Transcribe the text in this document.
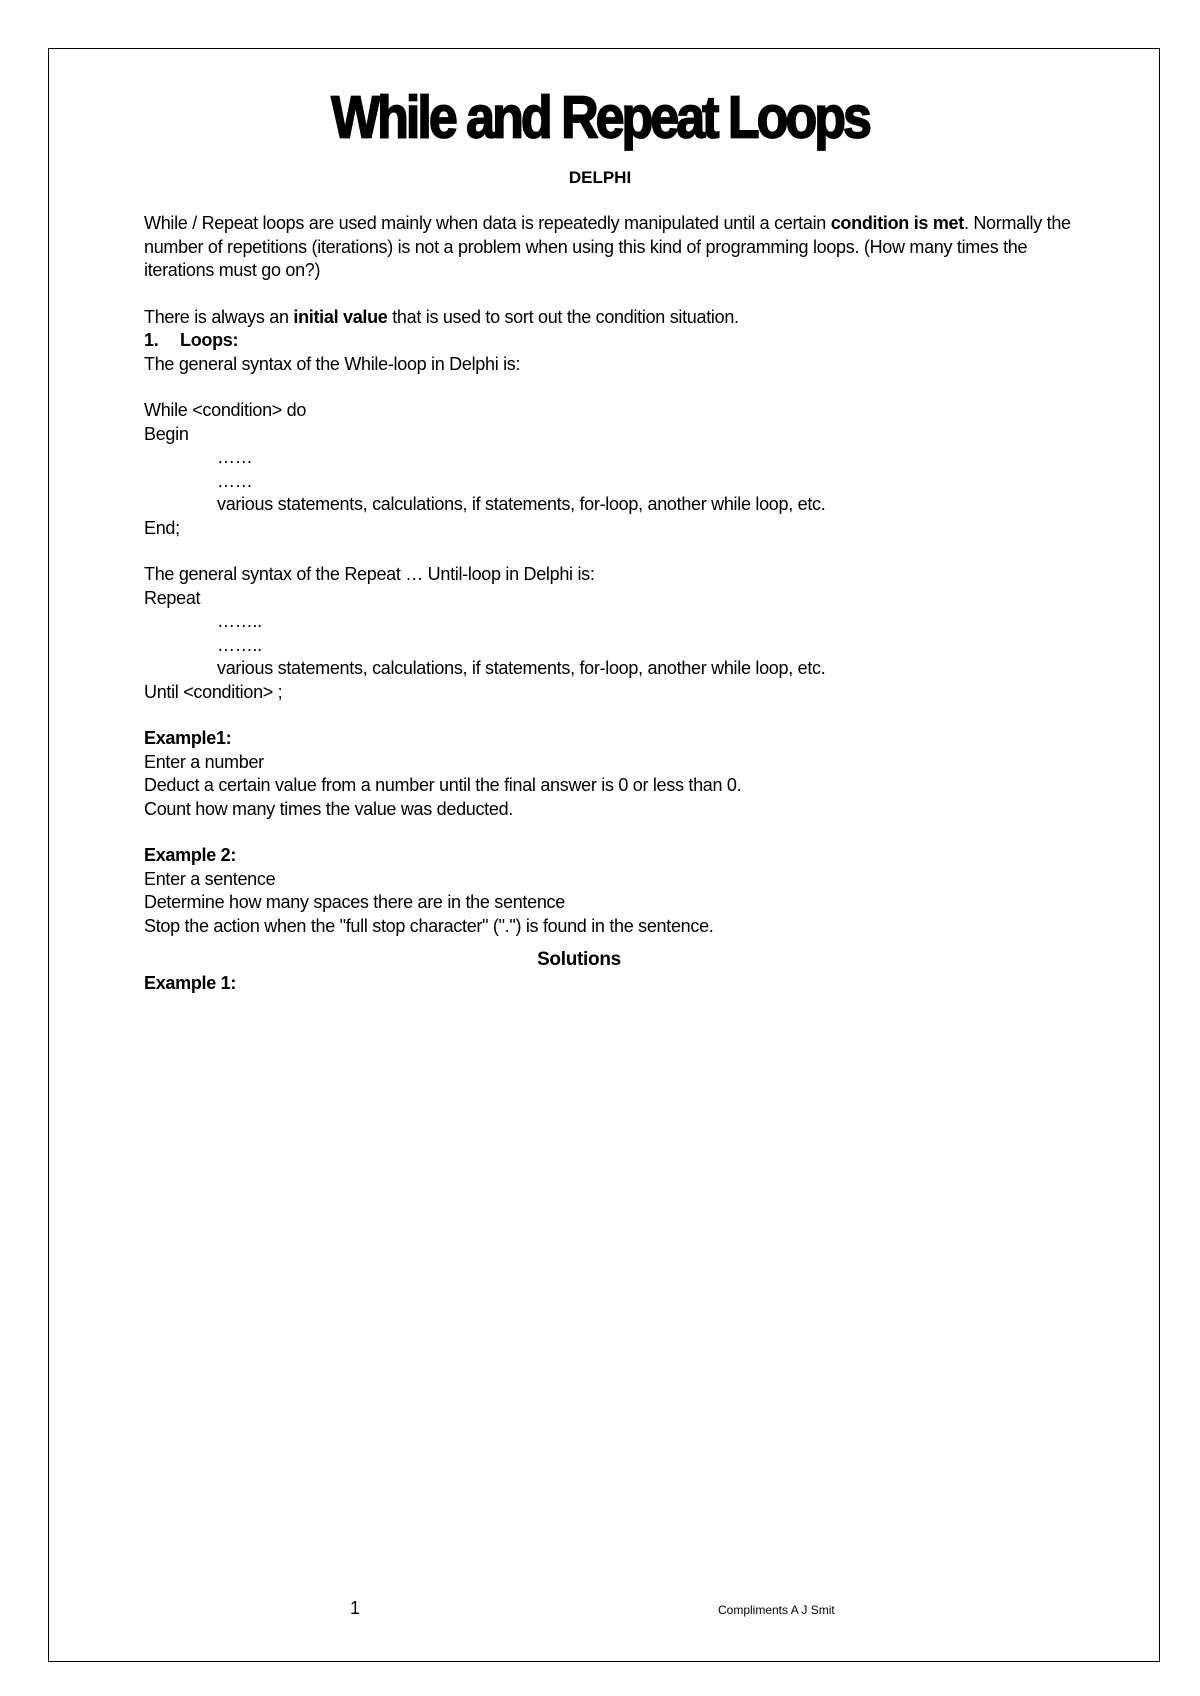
While and Repeat Loops
DELPHI

While / Repeat loops are used mainly when data is repeatedly manipulated until a certain condition is met. Normally the number of repetitions (iterations) is not a problem when using this kind of programming loops. (How many times the iterations must go on?)

There is always an initial value that is used to sort out the condition situation.

1. Loops:

The general syntax of the While-loop in Delphi is:

While <condition> do

Begin

……

……

various statements, calculations, if statements, for-loop, another while loop, etc.

End;

The general syntax of the Repeat … Until-loop in Delphi is:

Repeat

……..

……..

various statements, calculations, if statements, for-loop, another while loop, etc.

Until <condition> ;

Example1:

Enter a number

Deduct a certain value from a number until the final answer is 0 or less than 0.

Count how many times the value was deducted.

Example 2:

Enter a sentence

Determine how many spaces there are in the sentence

Stop the action when the "full stop character" (".") is found in the sentence.

Solutions

Example 1:

1	Compliments A J Smit
